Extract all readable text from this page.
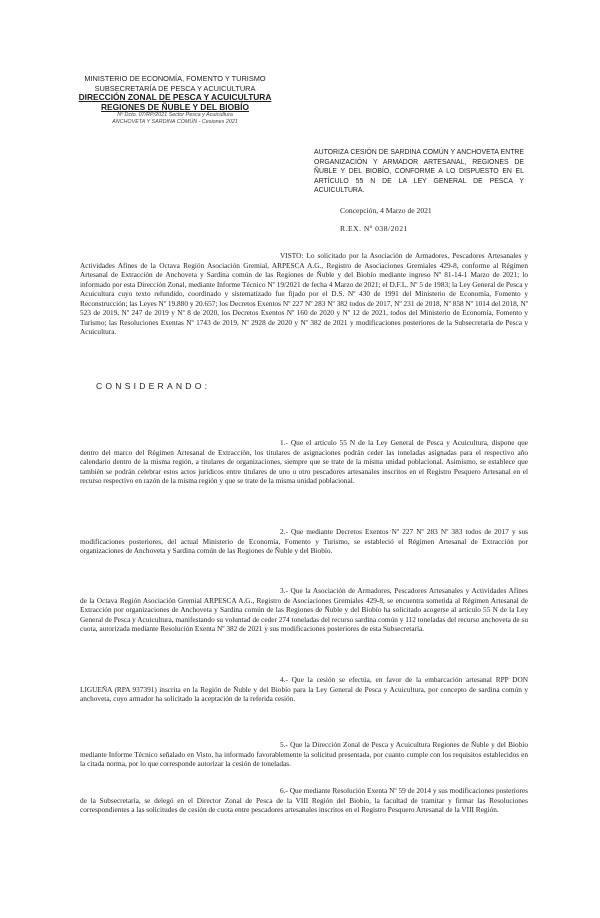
MINISTERIO DE ECONOMÍA, FOMENTO Y TURISMO
SUBSECRETARÍA DE PESCA Y ACUICULTURA
DIRECCIÓN ZONAL DE PESCA Y ACUICULTURA
REGIONES DE ÑUBLE Y DEL BIOBÍO
Nº Dcto. 07/RP/2021 Sector Pesca y Acuicultura
ANCHOVETA Y SARDINA COMÚN - Cesiones 2021
AUTORIZA CESIÓN DE SARDINA COMÚN Y ANCHOVETA ENTRE ORGANIZACIÓN Y ARMADOR ARTESANAL, REGIONES DE ÑUBLE Y DEL BIOBÍO, CONFORME A LO DISPUESTO EN EL ARTÍCULO 55 N DE LA LEY GENERAL DE PESCA Y ACUICULTURA.
Concepción, 4 Marzo de 2021
R.EX. Nº 038/2021
VISTO: Lo solicitado por la Asociación de Armadores, Pescadores Artesanales y Actividades Afines de la Octava Región Asociación Gremial, ARPESCA A.G., Registro de Asociaciones Gremiales 429-8, conforme al Régimen Artesanal de Extracción de Anchoveta y Sardina común de las Regiones de Ñuble y del Biobío mediante ingreso Nº 81-14-1 Marzo de 2021; lo informado por esta Dirección Zonal, mediante Informe Técnico Nº 19/2021 de fecha 4 Marzo de 2021; el D.F.L. Nº 5 de 1983; la Ley General de Pesca y Acuicultura cuyo texto refundido, coordinado y sistematizado fue fijado por el D.S. Nº 430 de 1991 del Ministerio de Economía, Fomento y Reconstrucción; las Leyes Nº 19.880 y 20.657; los Decretos Exentos Nº 227 Nº 283 Nº 382 todos de 2017, Nº 231 de 2018, Nº 858 Nº 1014 del 2018, Nº 523 de 2019, Nº 247 de 2019 y Nº 8 de 2020, los Decretos Exentos Nº 160 de 2020 y Nº 12 de 2021, todos del Ministerio de Economía, Fomento y Turismo; las Resoluciones Exentas Nº 1743 de 2019, Nº 2928 de 2020 y Nº 382 de 2021 y modificaciones posteriores de la Subsecretaría de Pesca y Acuicultura.
CONSIDERANDO:
1.- Que el artículo 55 N de la Ley General de Pesca y Acuicultura, dispone que dentro del marco del Régimen Artesanal de Extracción, los titulares de asignaciones podrán ceder las toneladas asignadas para el respectivo año calendario dentro de la misma región, a titulares de organizaciones, siempre que se trate de la misma unidad poblacional. Asimismo, se establece que también se podrán celebrar estos actos jurídicos entre titulares de uno u otro pescadores artesanales inscritos en el Registro Pesquero Artesanal en el recurso respectivo en razón de la misma región y que se trate de la misma unidad poblacional.
2.- Que mediante Decretos Exentos Nº 227 Nº 283 Nº 383 todos de 2017 y sus modificaciones posteriores, del actual Ministerio de Economía, Fomento y Turismo, se estableció el Régimen Artesanal de Extracción por organizaciones de Anchoveta y Sardina común de las Regiones de Ñuble y del Biobío.
3.- Que la Asociación de Armadores, Pescadores Artesanales y Actividades Afines de la Octava Región Asociación Gremial ARPESCA A.G., Registro de Asociaciones Gremiales 429-8, se encuentra sometida al Régimen Artesanal de Extracción por organizaciones de Anchoveta y Sardina común de las Regiones de Ñuble y del Biobío ha solicitado acogerse al artículo 55 N de la Ley General de Pesca y Acuicultura, manifestando su voluntad de ceder 274 toneladas del recurso sardina común y 112 toneladas del recurso anchoveta de su cuota, autorizada mediante Resolución Exenta Nº 382 de 2021 y sus modificaciones posteriores de esta Subsecretaría.
4.- Que la cesión se efectúa, en favor de la embarcación artesanal RPP DON LIGUEÑA (RPA 937391) inscrita en la Región de Ñuble y del Biobío para la Ley General de Pesca y Acuicultura, por concepto de sardina común y anchoveta, cuyo armador ha solicitado la aceptación de la referida cesión.
5.- Que la Dirección Zonal de Pesca y Acuicultura Regiones de Ñuble y del Biobío mediante Informe Técnico señalado en Visto, ha informado favorablemente la solicitud presentada, por cuanto cumple con los requisitos establecidos en la citada norma, por lo que corresponde autorizar la cesión de toneladas.
6.- Que mediante Resolución Exenta Nº 59 de 2014 y sus modificaciones posteriores de la Subsecretaría, se delegó en el Director Zonal de Pesca de la VIII Región del Biobío, la facultad de tramitar y firmar las Resoluciones correspondientes a las solicitudes de cesión de cuota entre pescadores artesanales inscritos en el Registro Pesquero Artesanal de la VIII Región.
